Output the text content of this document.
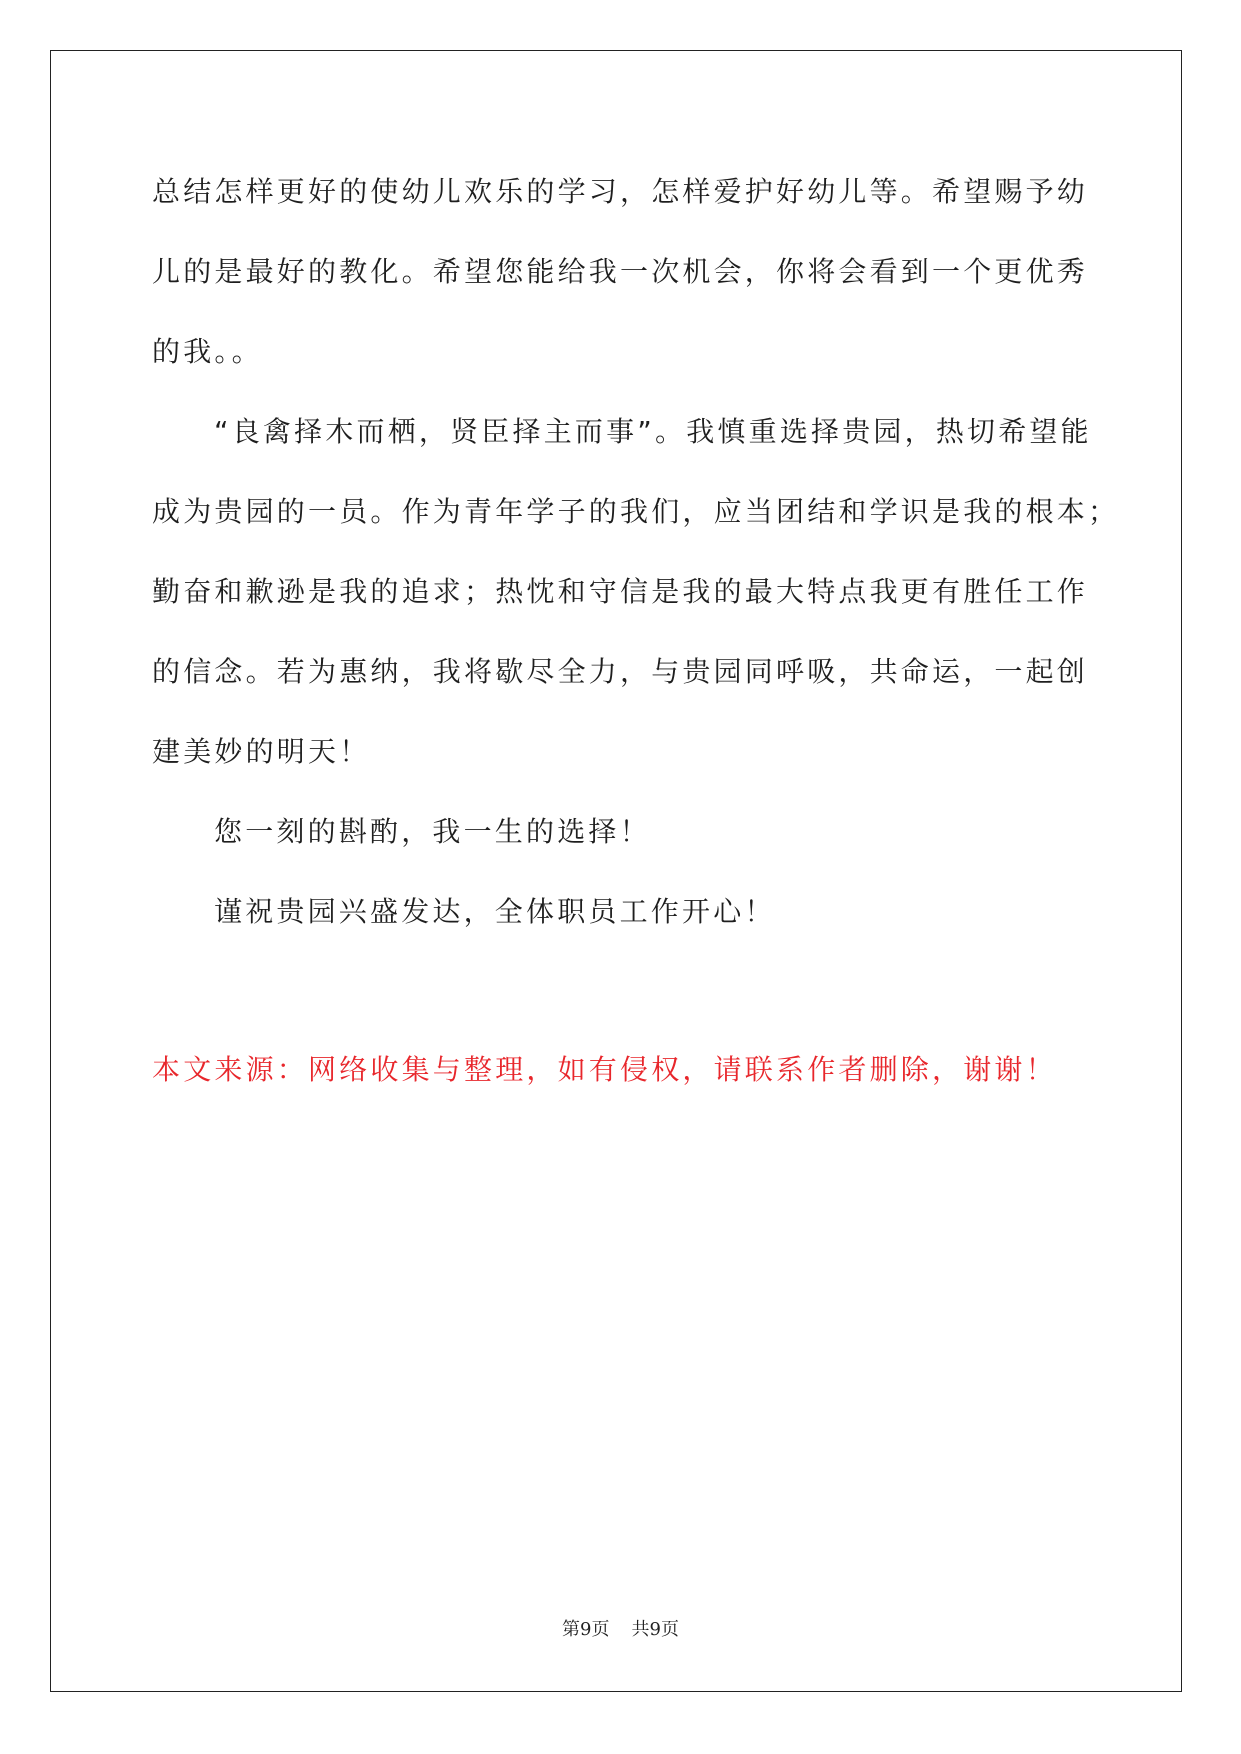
总结怎样更好的使幼儿欢乐的学习，怎样爱护好幼儿等。希望赐予幼
儿的是最好的教化。希望您能给我一次机会，你将会看到一个更优秀
的我。。
“良禽择木而栖，贤臣择主而事”。我慎重选择贵园，热切希望能
成为贵园的一员。作为青年学子的我们，应当团结和学识是我的根本；
勤奋和歉逊是我的追求；热忱和守信是我的最大特点我更有胜任工作
的信念。若为惠纳，我将歇尽全力，与贵园同呼吸，共命运，一起创
建美妙的明天！
您一刻的斟酌，我一生的选择！
谨祝贵园兴盛发达，全体职员工作开心！
本文来源：网络收集与整理，如有侵权，请联系作者删除，谢谢！
第9页 共9页
